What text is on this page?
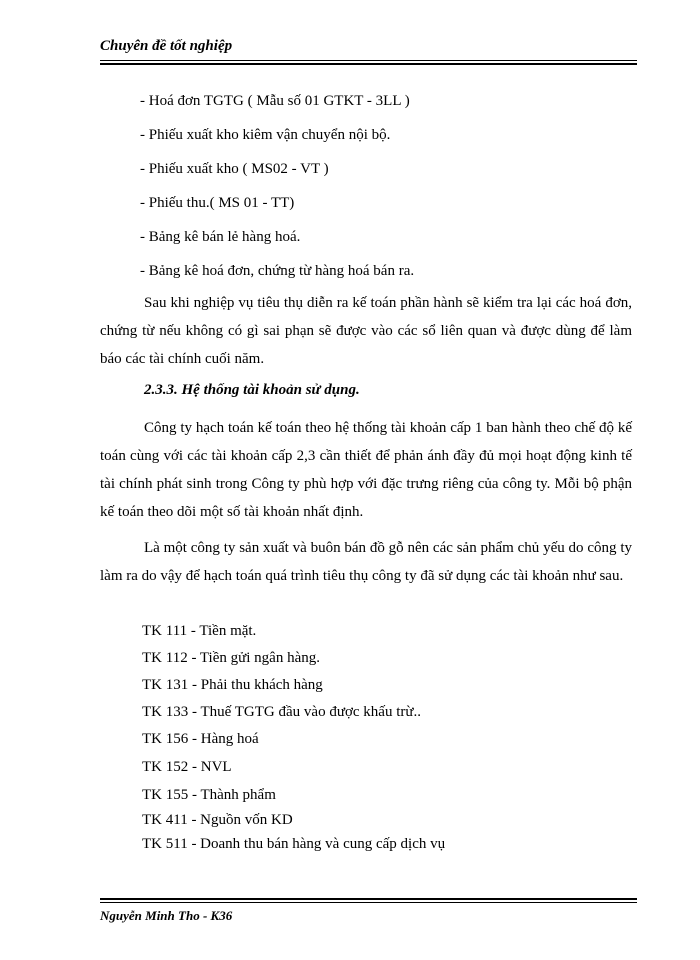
Chuyên đề tốt nghiệp
- Hoá đơn TGTG ( Mẫu số 01 GTKT - 3LL )
- Phiếu xuất kho kiêm vận chuyển nội bộ.
- Phiếu xuất kho ( MS02 - VT )
- Phiếu thu.( MS 01 - TT)
- Bảng kê bán lẻ hàng hoá.
- Bảng kê hoá đơn, chứng từ hàng hoá bán ra.
Sau khi nghiệp vụ tiêu thụ diễn ra kế toán phần hành sẽ kiểm tra lại các hoá đơn, chứng từ nếu không có gì sai phạn sẽ được vào các sổ liên quan và được dùng để làm báo các tài chính cuối năm.
2.3.3. Hệ thống tài khoản sử dụng.
Công ty hạch toán kế toán theo hệ thống tài khoản cấp 1 ban hành theo chế độ kế toán cùng với các tài khoản cấp 2,3 cần thiết để phản ánh đầy đủ mọi hoạt động kinh tế tài chính phát sinh trong Công ty phù hợp với đặc trưng riêng của công ty. Mỗi bộ phận kế toán theo dõi một số tài khoản nhất định.
Là một công ty sản xuất và buôn bán đồ gỗ nên các sản phẩm chủ yếu do công ty làm ra do vậy để hạch toán quá trình tiêu thụ công ty đã sử dụng các tài khoản như sau.
TK 111 - Tiền mặt.
TK 112 - Tiền gửi ngân hàng.
TK 131 - Phải thu khách hàng
TK 133 - Thuế TGTG đầu vào được khấu trừ..
TK 156 - Hàng hoá
TK 152 - NVL
TK 155 - Thành phẩm
TK 411 - Nguồn vốn KD
TK 511 - Doanh thu bán hàng và cung cấp dịch vụ
Nguyễn Minh Tho - K36
